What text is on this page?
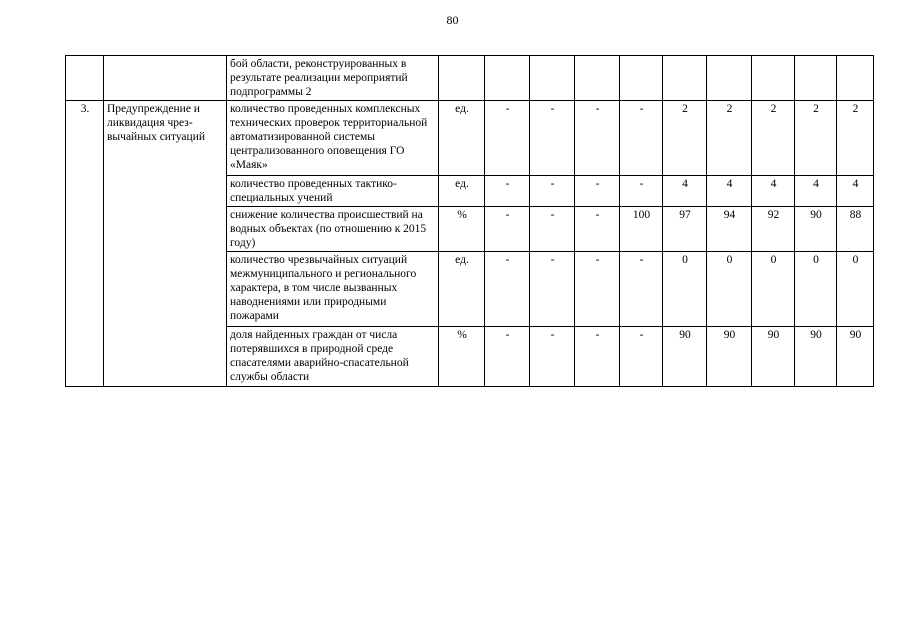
80
		бой области, реконструированных в результате реализации мероприятий подпрограммы 2										
3.	Предупреждение и ликвидация чрезвычайных ситуаций	количество проведенных комплексных технических проверок территориальной автоматизированной системы централизованного оповещения ГО «Маяк»	ед.	-	-	-	-	2	2	2	2	2
		количество проведенных тактико-специальных учений	ед.	-	-	-	-	4	4	4	4	4
		снижение количества происшествий на водных объектах (по отношению к 2015 году)	%	-	-	-	100	97	94	92	90	88
		количество чрезвычайных ситуаций межмуниципального и регионального характера, в том числе вызванных наводнениями или природными пожарами	ед.	-	-	-	-	0	0	0	0	0
		доля найденных граждан от числа потерявшихся в природной среде спасателями аварийно-спасательной службы области	%	-	-	-	-	90	90	90	90	90
